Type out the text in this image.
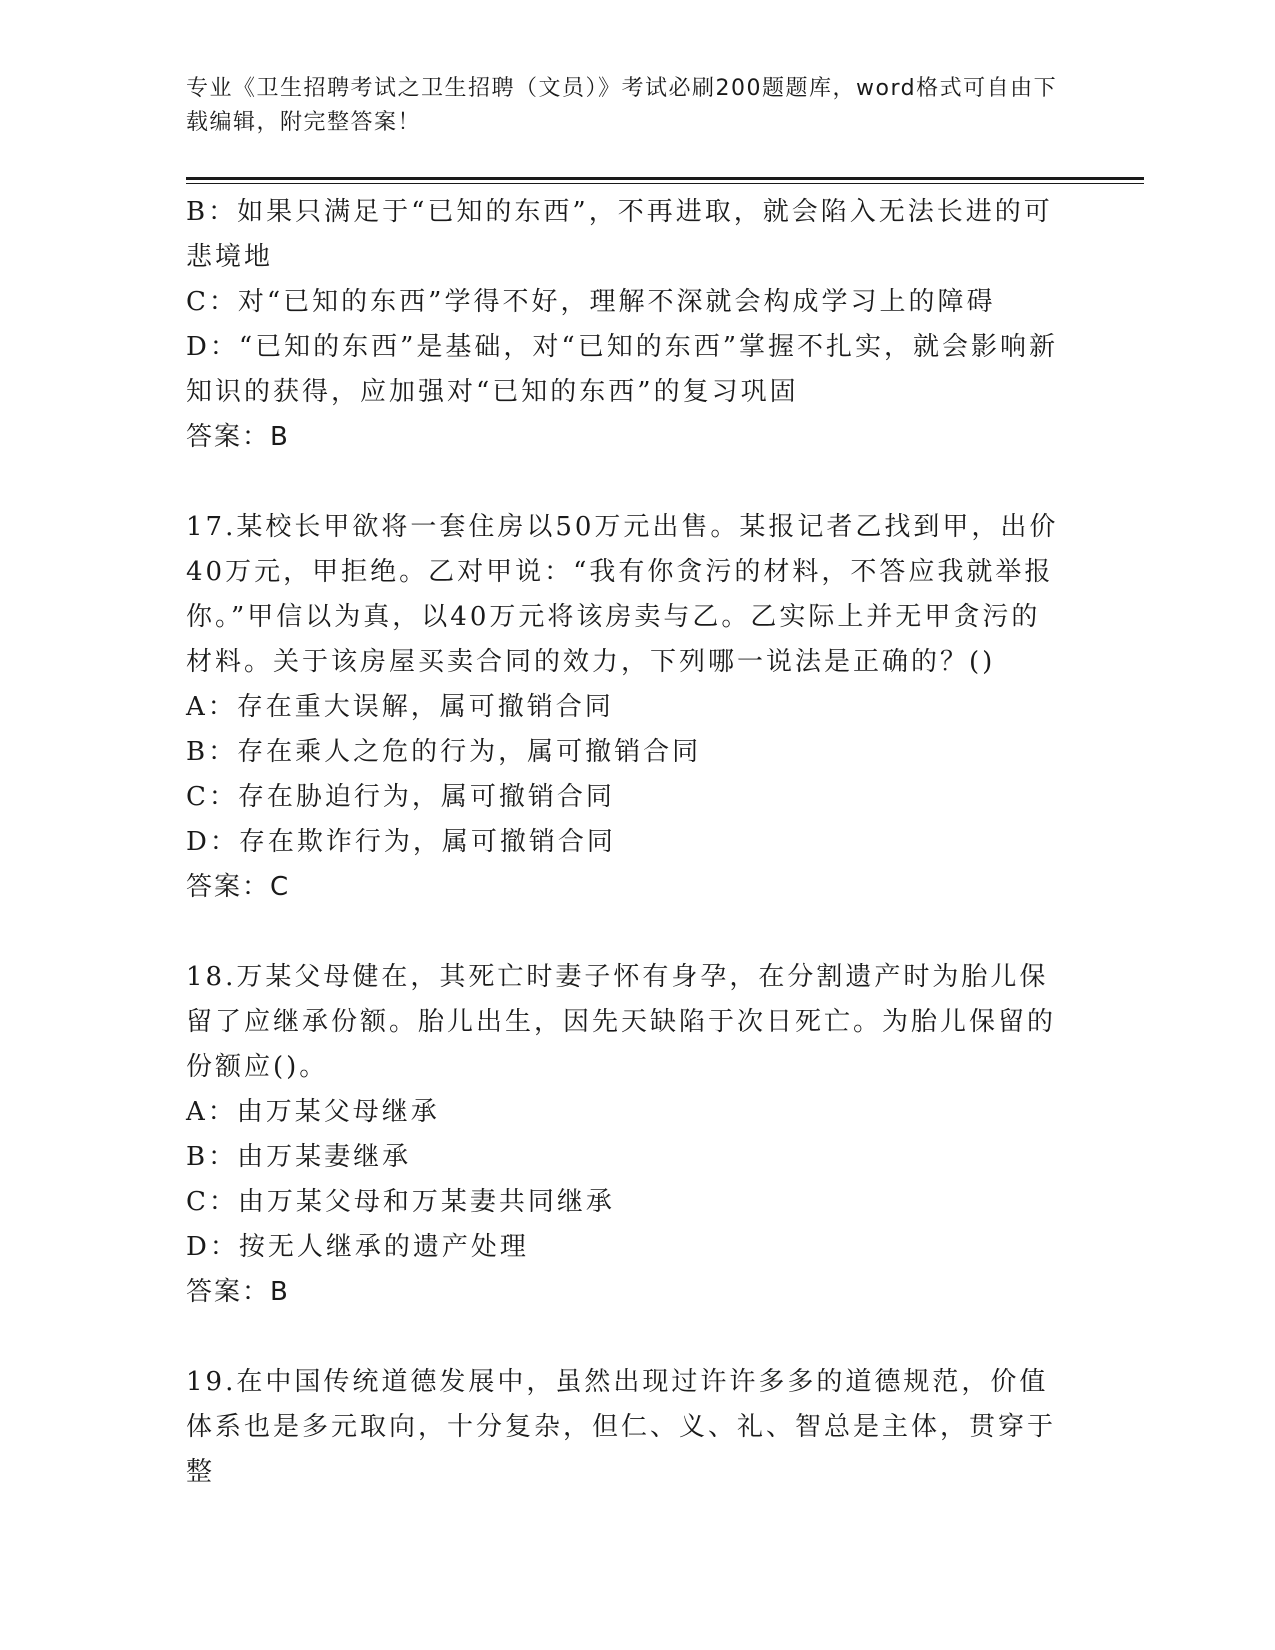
专业《卫生招聘考试之卫生招聘（文员）》考试必刷200题题库，word格式可自由下载编辑，附完整答案！

B：如果只满足于“已知的东西”，不再进取，就会陷入无法长进的可悲境地

C：对“已知的东西”学得不好，理解不深就会构成学习上的障碍

D：“已知的东西”是基础，对“已知的东西”掌握不扎实，就会影响新知识的获得，应加强对“已知的东西”的复习巩固

答案：B

17.某校长甲欲将一套住房以50万元出售。某报记者乙找到甲，出价40万元，甲拒绝。乙对甲说：“我有你贪污的材料，不答应我就举报你。”甲信以为真，以40万元将该房卖与乙。乙实际上并无甲贪污的材料。关于该房屋买卖合同的效力，下列哪一说法是正确的？()

A：存在重大误解，属可撤销合同

B：存在乘人之危的行为，属可撤销合同

C：存在胁迫行为，属可撤销合同

D：存在欺诈行为，属可撤销合同

答案：C

18.万某父母健在，其死亡时妻子怀有身孕，在分割遗产时为胎儿保留了应继承份额。胎儿出生，因先天缺陷于次日死亡。为胎儿保留的份额应()。

A：由万某父母继承

B：由万某妻继承

C：由万某父母和万某妻共同继承

D：按无人继承的遗产处理

答案：B

19.在中国传统道德发展中，虽然出现过许许多多的道德规范，价值体系也是多元取向，十分复杂，但仁、义、礼、智总是主体，贯穿于整
